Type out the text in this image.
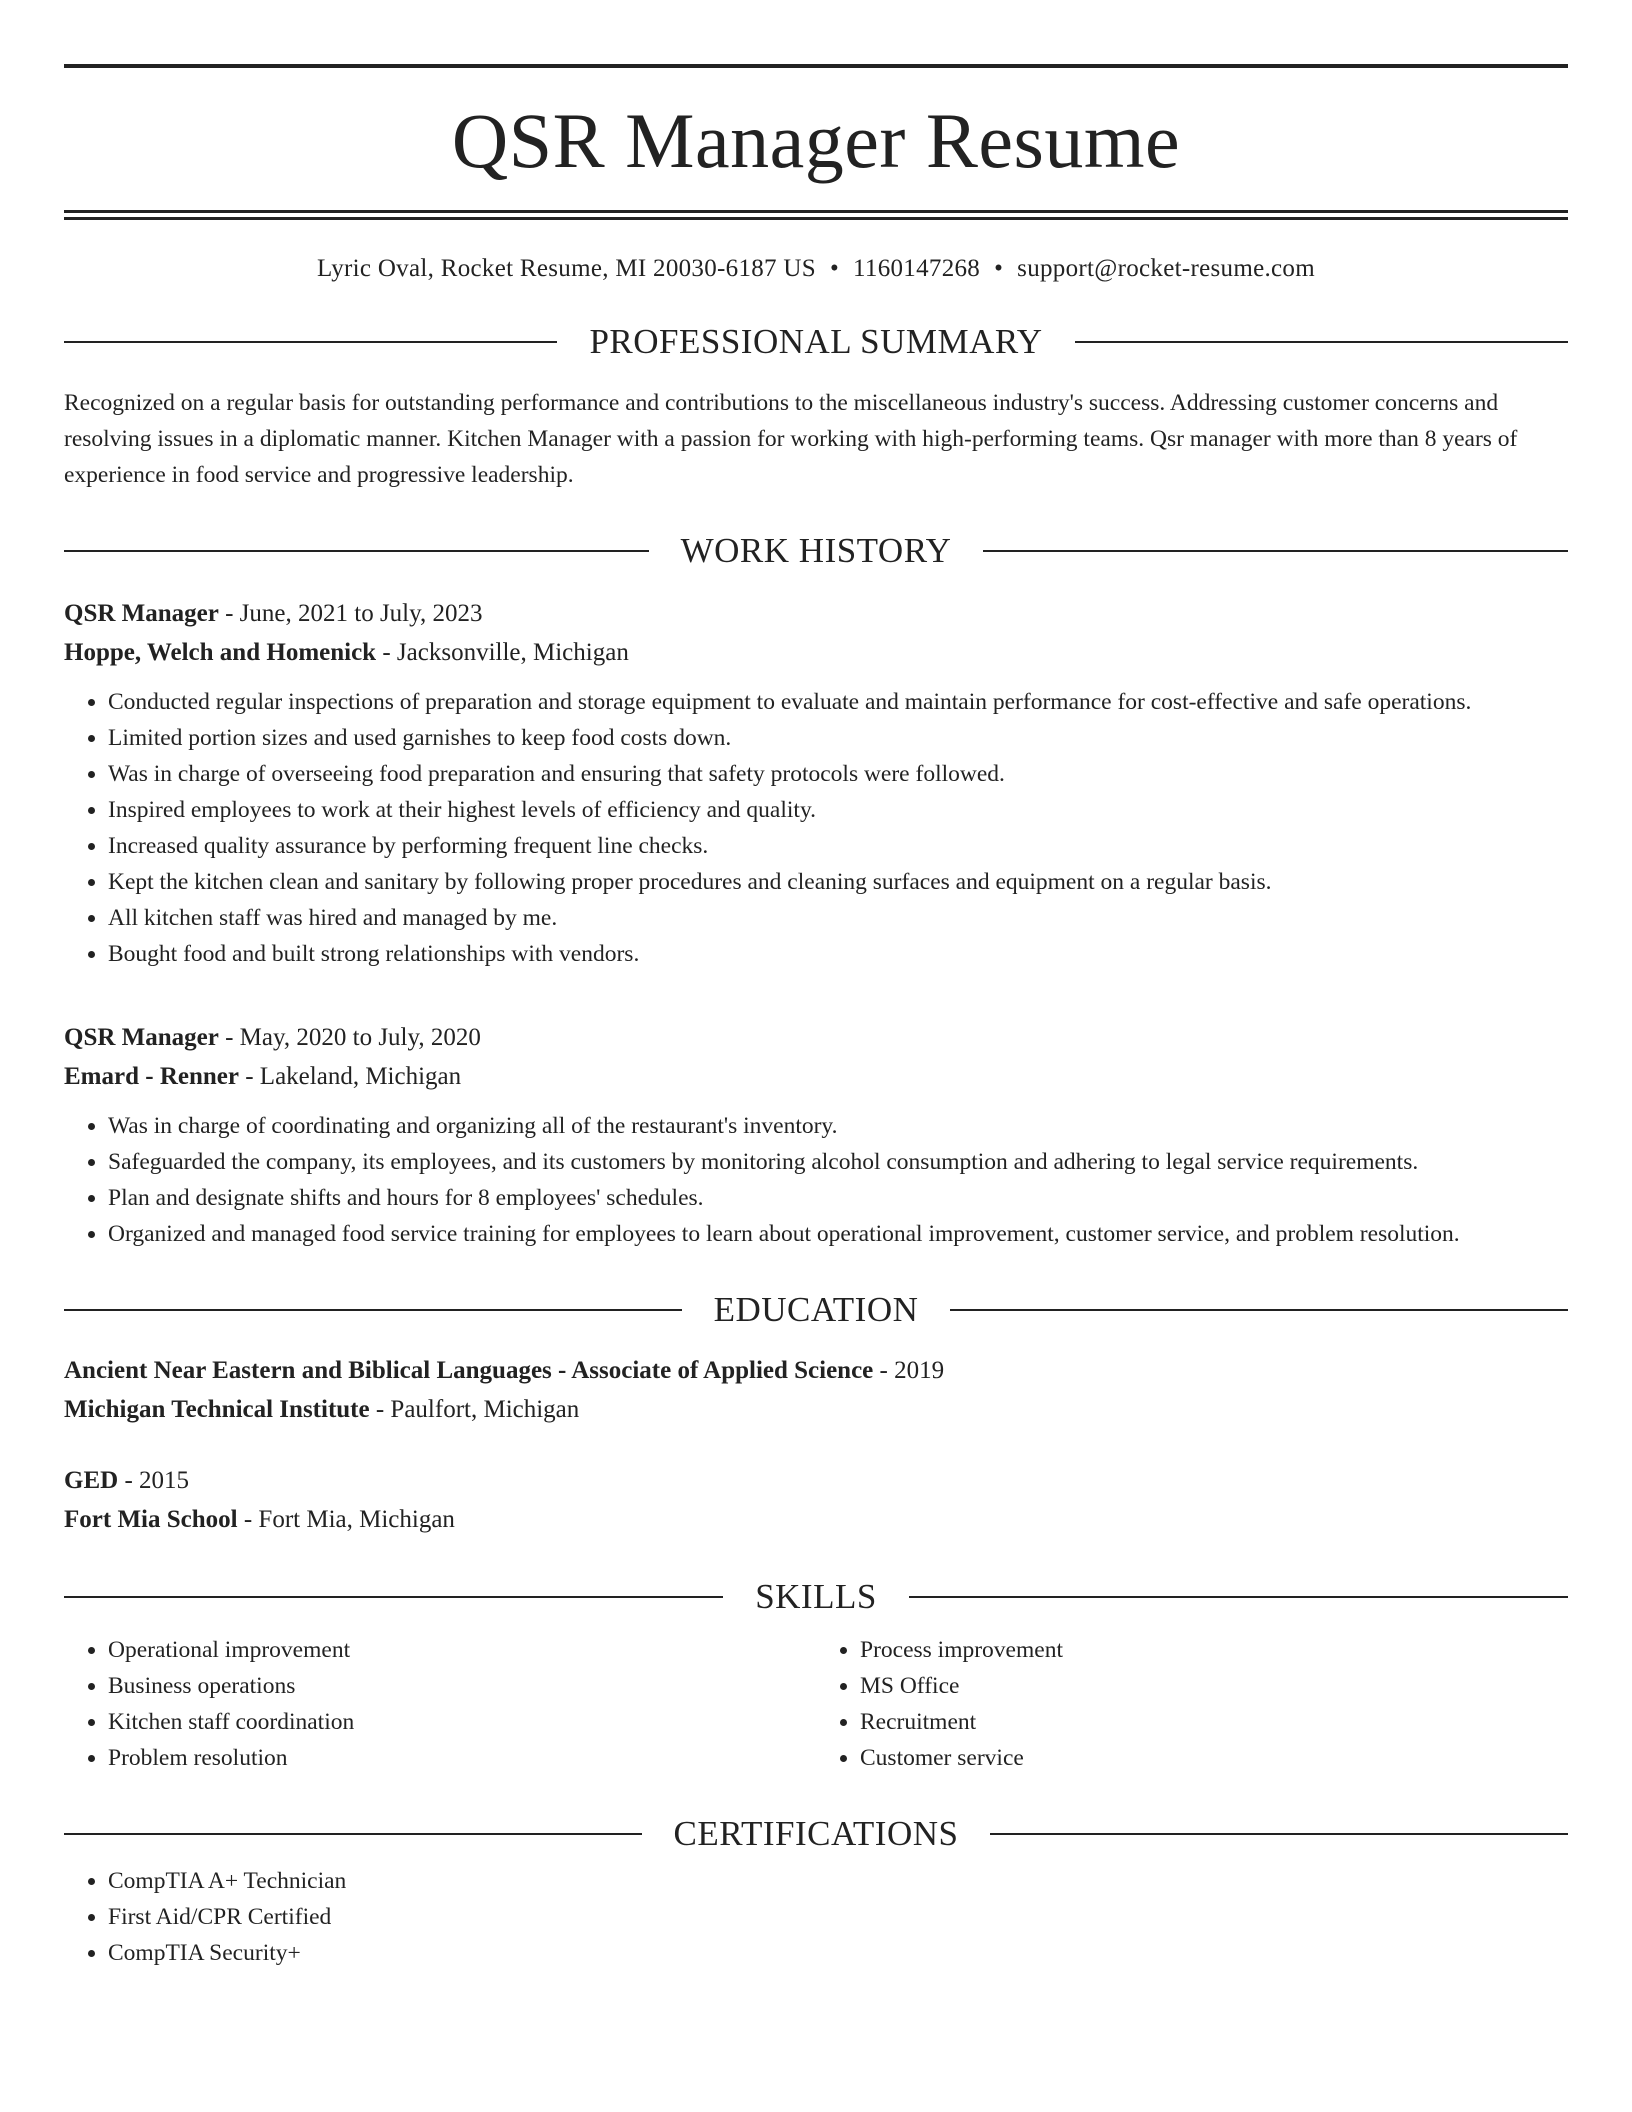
QSR Manager Resume
Lyric Oval, Rocket Resume, MI 20030-6187 US • 1160147268 • support@rocket-resume.com
PROFESSIONAL SUMMARY
Recognized on a regular basis for outstanding performance and contributions to the miscellaneous industry's success. Addressing customer concerns and resolving issues in a diplomatic manner. Kitchen Manager with a passion for working with high-performing teams. Qsr manager with more than 8 years of experience in food service and progressive leadership.
WORK HISTORY
QSR Manager - June, 2021 to July, 2023
Hoppe, Welch and Homenick - Jacksonville, Michigan
• Conducted regular inspections of preparation and storage equipment to evaluate and maintain performance for cost-effective and safe operations.
• Limited portion sizes and used garnishes to keep food costs down.
• Was in charge of overseeing food preparation and ensuring that safety protocols were followed.
• Inspired employees to work at their highest levels of efficiency and quality.
• Increased quality assurance by performing frequent line checks.
• Kept the kitchen clean and sanitary by following proper procedures and cleaning surfaces and equipment on a regular basis.
• All kitchen staff was hired and managed by me.
• Bought food and built strong relationships with vendors.
QSR Manager - May, 2020 to July, 2020
Emard - Renner - Lakeland, Michigan
• Was in charge of coordinating and organizing all of the restaurant's inventory.
• Safeguarded the company, its employees, and its customers by monitoring alcohol consumption and adhering to legal service requirements.
• Plan and designate shifts and hours for 8 employees' schedules.
• Organized and managed food service training for employees to learn about operational improvement, customer service, and problem resolution.
EDUCATION
Ancient Near Eastern and Biblical Languages - Associate of Applied Science - 2019
Michigan Technical Institute - Paulfort, Michigan
GED - 2015
Fort Mia School - Fort Mia, Michigan
SKILLS
• Operational improvement
• Business operations
• Kitchen staff coordination
• Problem resolution
• Process improvement
• MS Office
• Recruitment
• Customer service
CERTIFICATIONS
• CompTIA A+ Technician
• First Aid/CPR Certified
• CompTIA Security+
